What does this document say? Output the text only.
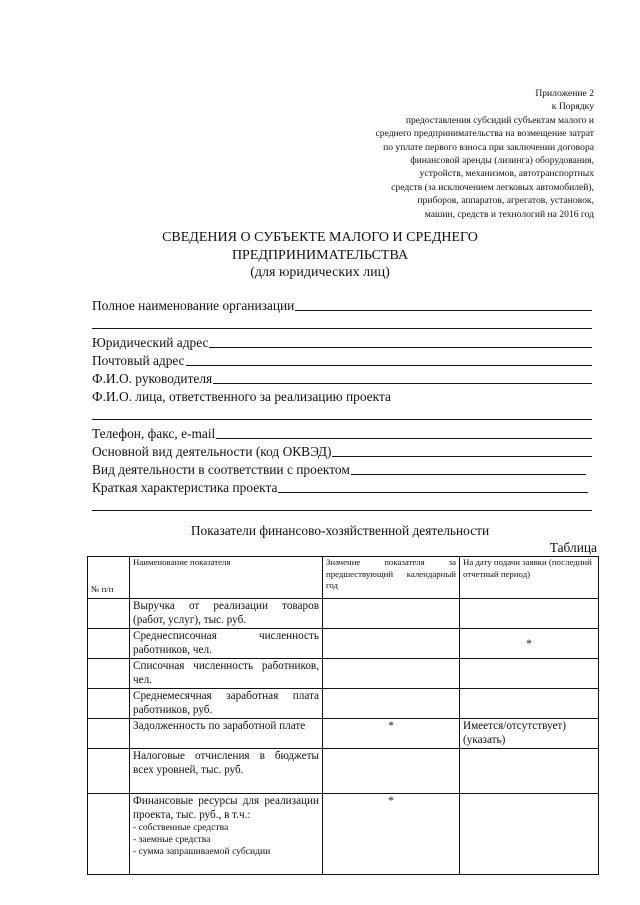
Приложение 2
к Порядку
предоставления субсидий субъектам малого и
среднего предпринимательства на возмещение затрат
по уплате первого взноса при заключении договора
финансовой аренды (лизинга) оборудования,
устройств, механизмов, автотранспортных
средств (за исключением легковых автомобилей),
приборов, аппаратов, агрегатов, установок,
машин, средств и технологий на 2016 год
СВЕДЕНИЯ О СУБЪЕКТЕ МАЛОГО И СРЕДНЕГО
ПРЕДПРИНИМАТЕЛЬСТВА
(для юридических лиц)
Полное наименование организации
Юридический адрес
Почтовый адрес
Ф.И.О. руководителя
Ф.И.О. лица, ответственного за реализацию проекта
Телефон, факс, e-mail
Основной вид деятельности (код ОКВЭД)
Вид деятельности в соответствии с проектом
Краткая характеристика проекта
Показатели финансово-хозяйственной деятельности
Таблица
№ п/п	Наименование показателя	Значение показателя за предшествующий календарный год	На дату подачи заявки (последний отчетный период)
	Выручка от реализации товаров (работ, услуг), тыс. руб.		
	Среднесписочная численность работников, чел.		*
	Списочная численность работников, чел.		
	Среднемесячная заработная плата работников, руб.		
	Задолженность по заработной плате	*	Имеется/отсутствует) (указать)
	Налоговые отчисления в бюджеты всех уровней, тыс. руб.		

	Финансовые ресурсы для реализации проекта, тыс. руб., в т.ч.:
- собственные средства
- заемные средства
- сумма запрашиваемой субсидии	*	
